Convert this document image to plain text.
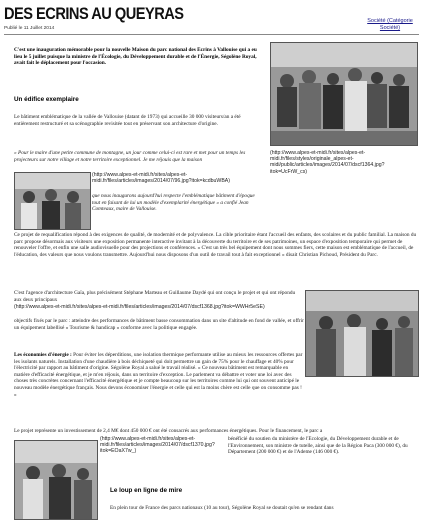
DES ECRINS AU QUEYRAS
Publié le 11 Juillet 2014
Société (Catégorie Société)

C'est une inauguration mémorable pour la nouvelle Maison du parc national des Écrins à Vallouise qui a eu lieu le 5 juillet puisque la ministre de l'Écologie, du Développement durable et de l'Énergie, Ségolène Royal, avait fait le déplacement pour l'occasion.

Un édifice exemplaire

Le bâtiment emblématique de la vallée de Vallouise (datant de 1973) qui accueille 30 000 visiteurs/an a été entièrement restructuré et sa scénographie revisitée tout en préservant son architecture d'origine.

« Pour le maire d'une petite commune de montagne, un jour comme celui-ci est rare et met pour un temps les projecteurs sur notre village et notre territoire exceptionnel. Je me réjouis que la maison

(http://www.alpes-et-midi.fr/sites/alpes-et-midi.fr/files/articles/images/2014/07/96.jpg?itok=kcdbuWBA)

que nous inaugurons aujourd'hui respecte l'emblématique bâtiment d'époque tout en faisant de lui un modèle d'exemplarité énergétique » a confié Jean Comteaux, maire de Vallouise.

(http://www.alpes-et-midi.fr/sites/alpes-et-midi.fr/files/styles/originale_alpes-et-midi/public/articles/images/2014/07/dscf1364.jpg?itok=UcFrW_cs)

Ce projet de requalification répond à des exigences de qualité, de modernité et de polyvalence. La cible prioritaire étant l'accueil des enfants, des scolaires et du public familial. La maison du parc propose désormais aux visiteurs une exposition permanente interactive invitant à la découverte du territoire et de ses patrimoines, un espace d'exposition temporaire qui permet de renouveler l'offre, et enfin une salle audiovisuelle pour des projections et conférences. « C'est un très bel équipement dont nous sommes fiers, cette maison est emblématique de l'accueil, de l'éducation, des valeurs que nous voulons transmettre. Aujourd'hui nous disposons d'un outil de travail tout à fait exceptionnel » disait Christian Pichoud, Président du Parc.

C'est l'agence d'architecture Gaïa, plus précisément Stéphane Marteau et Guillaume Daydé qui ont conçu le projet et qui ont répondu aux deux principaux

(http://www.alpes-et-midi.fr/sites/alpes-et-midi.fr/files/articles/images/2014/07/dscf1368.jpg?itok=WWHr5eSE)

objectifs fixés par le parc : atteindre des performances de bâtiment basse consommation dans un site d'altitude en fond de vallée, et offrir un équipement labellisé « Tourisme & handicap » conforme avec la politique engagée.

Les économies d'énergie : Pour éviter les déperditions, une isolation thermique performante utilise au mieux les ressources offertes par les isolants naturels. Installation d'une chaudière à bois déchiqueté qui doit permettre un gain de 75% pour le chauffage et 40% pour l'électricité par rapport au bâtiment d'origine. Ségolène Royal a salué le travail réalisé. « Ce nouveau bâtiment est remarquable en matière d'efficacité énergétique, et je m'en réjouis, dans un territoire d'exception. Le parlement va débattre et voter une loi avec des choses très concrètes concernant l'efficacité énergétique et je compte beaucoup sur les territoires comme lui qui ont souvent anticipé le nouveau modèle énergétique français. Nous devons économiser l'énergie et celle qui est la moins chère est celle que on consomme pas ! »

Le projet représente un investissement de 2,4 M€ dont 450 000 € ont été consacrés aux performances énergétiques. Pour le financement, le parc a

(http://www.alpes-et-midi.fr/sites/alpes-et-midi.fr/files/articles/images/2014/07/dscf1370.jpg?itok=EOaX7w_)

bénéficié du soutien du ministère de l'Écologie, du Développement durable et de l'Environnement, son ministre de tutelle, ainsi que de la Région Paca (300 000 €), du Département (200 000 €) et de l'Ademe (146 000 €).

Le loup en ligne de mire

En plein tour de France des parcs nationaux (10 au tour), Ségolène Royal se doutait qu'en se rendant dans
